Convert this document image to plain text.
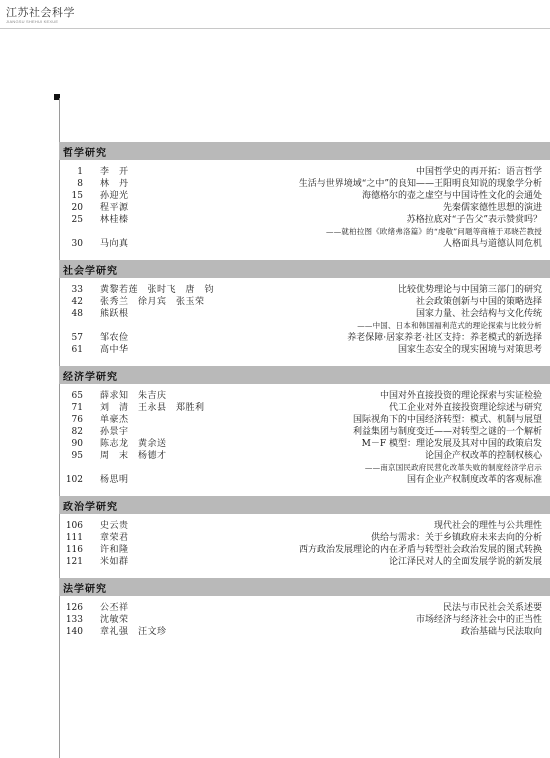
江苏社会科学
JIANGSU SHEHUI KEXUE
哲学研究
1 李　开	中国哲学史的再开拓：语言哲学
8 林　丹	生活与世界境域“之中”的良知——王阳明良知说的现象学分析
15 孙迎光	海德格尔的壶之虚空与中国诗性文化的会通处
20 程平源	先秦儒家德性思想的演进
25 林桂榛	苏格拉底对“子告父”表示赞赏吗？
——就柏拉图《欧绪弗洛篇》的“虔敬”问题等商榷于邓晓芒教授
30 马向真	人格面具与道德认同危机
社会学研究
33 黄黎若莲　张时飞　唐　钧	比较优势理论与中国第三部门的研究
42 张秀兰　徐月宾　张玉荣	社会政策创新与中国的策略选择
48 熊跃根	国家力量、社会结构与文化传统
——中国、日本和韩国福利范式的理论探索与比较分析
57 邹农俭	养老保障·居家养老·社区支持：养老模式的新选择
61 高中华	国家生态安全的现实困境与对策思考
经济学研究
65 薛求知　朱吉庆	中国对外直接投资的理论探索与实证检验
71 刘　清　王永县　郑胜利	代工企业对外直接投资理论综述与研究
76 单豪杰	国际视角下的中国经济转型：模式、机制与展望
82 孙景宇	利益集团与制度变迁——对转型之谜的一个解析
90 陈志龙　黄余送	M－F 模型：理论发展及其对中国的政策启发
95 周　末　杨德才	论国企产权改革的控制权核心
——南京国民政府民营化改革失败的制度经济学启示
102 杨思明	国有企业产权制度改革的客观标准
政治学研究
106 史云贵	现代社会的理性与公共理性
111 章荣君	供给与需求：关于乡镇政府未来去向的分析
116 许和隆	西方政治发展理论的内在矛盾与转型社会政治发展的图式转换
121 米如群	论江泽民对人的全面发展学说的新发展
法学研究
126 公丕祥	民法与市民社会关系述要
133 沈敏荣	市场经济与经济社会中的正当性
140 章礼强　汪文珍	政治基础与民法取向
